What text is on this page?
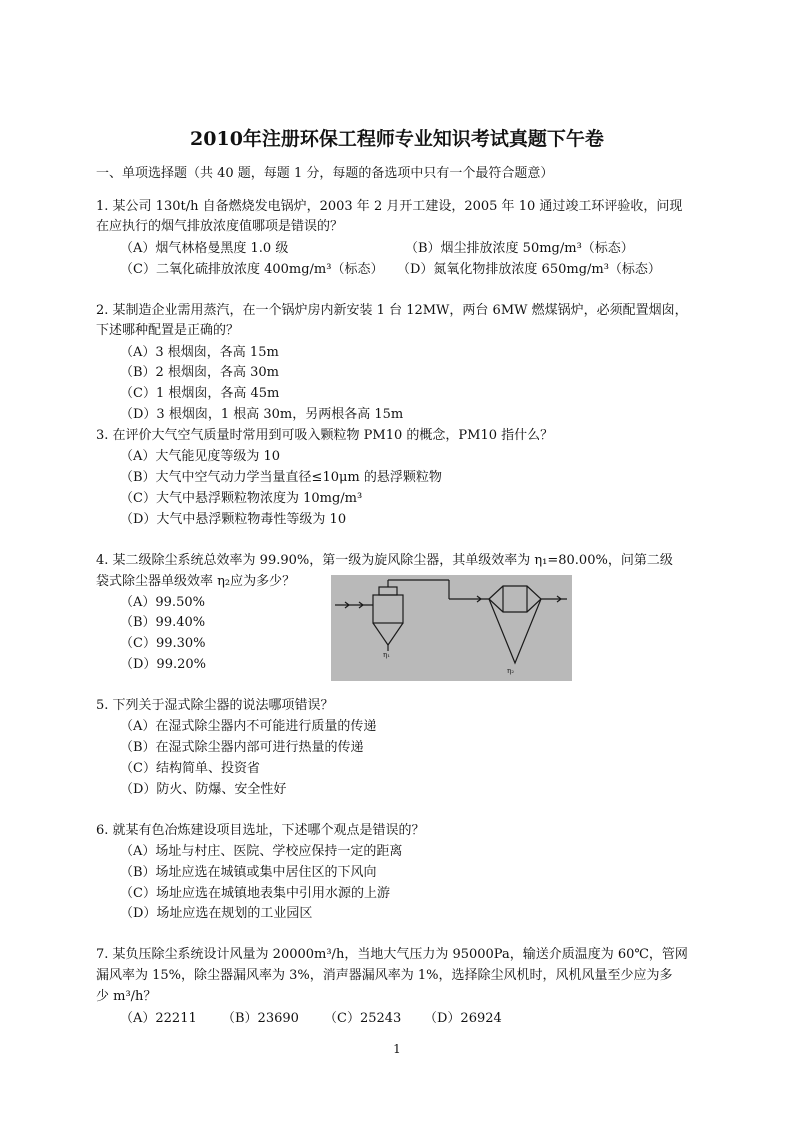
2010年注册环保工程师专业知识考试真题下午卷
一、单项选择题（共 40 题，每题 1 分，每题的备选项中只有一个最符合题意）
1. 某公司 130t/h 自备燃烧发电锅炉，2003 年 2 月开工建设，2005 年 10 通过竣工环评验收，问现
在应执行的烟气排放浓度值哪项是错误的？
（A）烟气林格曼黑度 1.0 级	（B）烟尘排放浓度 50mg/m³（标态）
（C）二氧化硫排放浓度 400mg/m³（标态） （D）氮氧化物排放浓度 650mg/m³（标态）
2. 某制造企业需用蒸汽，在一个锅炉房内新安装 1 台 12MW，两台 6MW 燃煤锅炉，必须配置烟囱，
下述哪种配置是正确的？
（A）3 根烟囱，各高 15m
（B）2 根烟囱，各高 30m
（C）1 根烟囱，各高 45m
（D）3 根烟囱，1 根高 30m，另两根各高 15m
3. 在评价大气空气质量时常用到可吸入颗粒物 PM10 的概念，PM10 指什么？
（A）大气能见度等级为 10
（B）大气中空气动力学当量直径≤10μm 的悬浮颗粒物
（C）大气中悬浮颗粒物浓度为 10mg/m³
（D）大气中悬浮颗粒物毒性等级为 10
4. 某二级除尘系统总效率为 99.90%，第一级为旋风除尘器，其单级效率为 η₁=80.00%，问第二级
袋式除尘器单级效率 η₂应为多少？
（A）99.50%
（B）99.40%
（C）99.30%
（D）99.20%
η₁
η₂
5. 下列关于湿式除尘器的说法哪项错误？
（A）在湿式除尘器内不可能进行质量的传递
（B）在湿式除尘器内部可进行热量的传递
（C）结构简单、投资省
（D）防火、防爆、安全性好
6. 就某有色冶炼建设项目选址，下述哪个观点是错误的？
（A）场址与村庄、医院、学校应保持一定的距离
（B）场址应选在城镇或集中居住区的下风向
（C）场址应选在城镇地表集中引用水源的上游
（D）场址应选在规划的工业园区
7. 某负压除尘系统设计风量为 20000m³/h，当地大气压力为 95000Pa，输送介质温度为 60℃，管网
漏风率为 15%，除尘器漏风率为 3%，消声器漏风率为 1%，选择除尘风机时，风机风量至少应为多
少 m³/h？
（A）22211 （B）23690 （C）25243 （D）26924
1
